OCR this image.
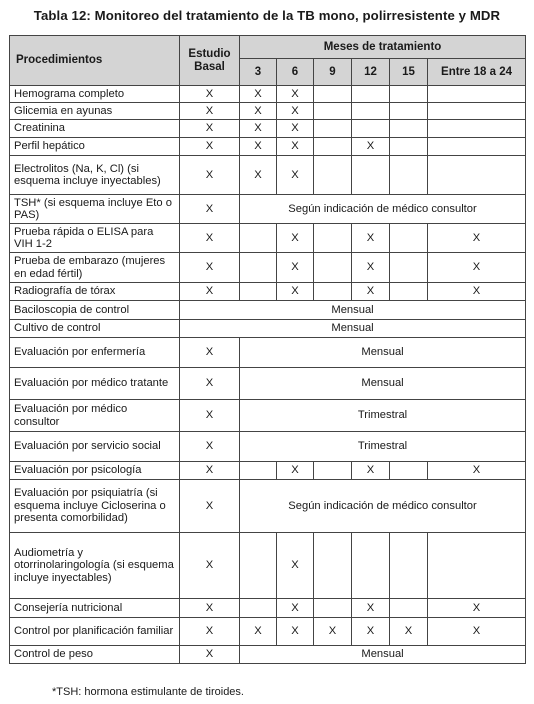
Tabla 12: Monitoreo del tratamiento de la TB mono, polirresistente y MDR
Procedimientos	Estudio Basal	Meses de tratamiento					
		3	6	9	12	15	Entre 18 a 24
Hemograma completo	X	X	X				
Glicemia en ayunas	X	X	X				
Creatinina	X	X	X				
Perfil hepático	X	X	X		X		
Electrolitos (Na, K, Cl) (si esquema incluye inyectables)	X	X	X				
TSH* (si esquema incluye Eto o PAS)	X	Según indicación de médico consultor					
Prueba rápida o ELISA para VIH 1-2	X		X		X		X
Prueba de embarazo (mujeres en edad fértil)	X		X		X		X
Radiografía de tórax	X		X		X		X
Baciloscopia de control	Mensual						
Cultivo de control	Mensual						
Evaluación por enfermería	X	Mensual					
Evaluación por médico tratante	X	Mensual					
Evaluación por médico consultor	X	Trimestral					
Evaluación por servicio social	X	Trimestral					
Evaluación por psicología	X		X		X		X
Evaluación por psiquiatría (si esquema incluye Cicloserina o presenta comorbilidad)	X	Según indicación de médico consultor					
Audiometría y otorrinolaringología (si esquema incluye inyectables)	X		X				
Consejería nutricional	X		X		X		X
Control por planificación familiar	X	X	X	X	X	X	X
Control de peso	X	Mensual					
*TSH: hormona estimulante de tiroides.
